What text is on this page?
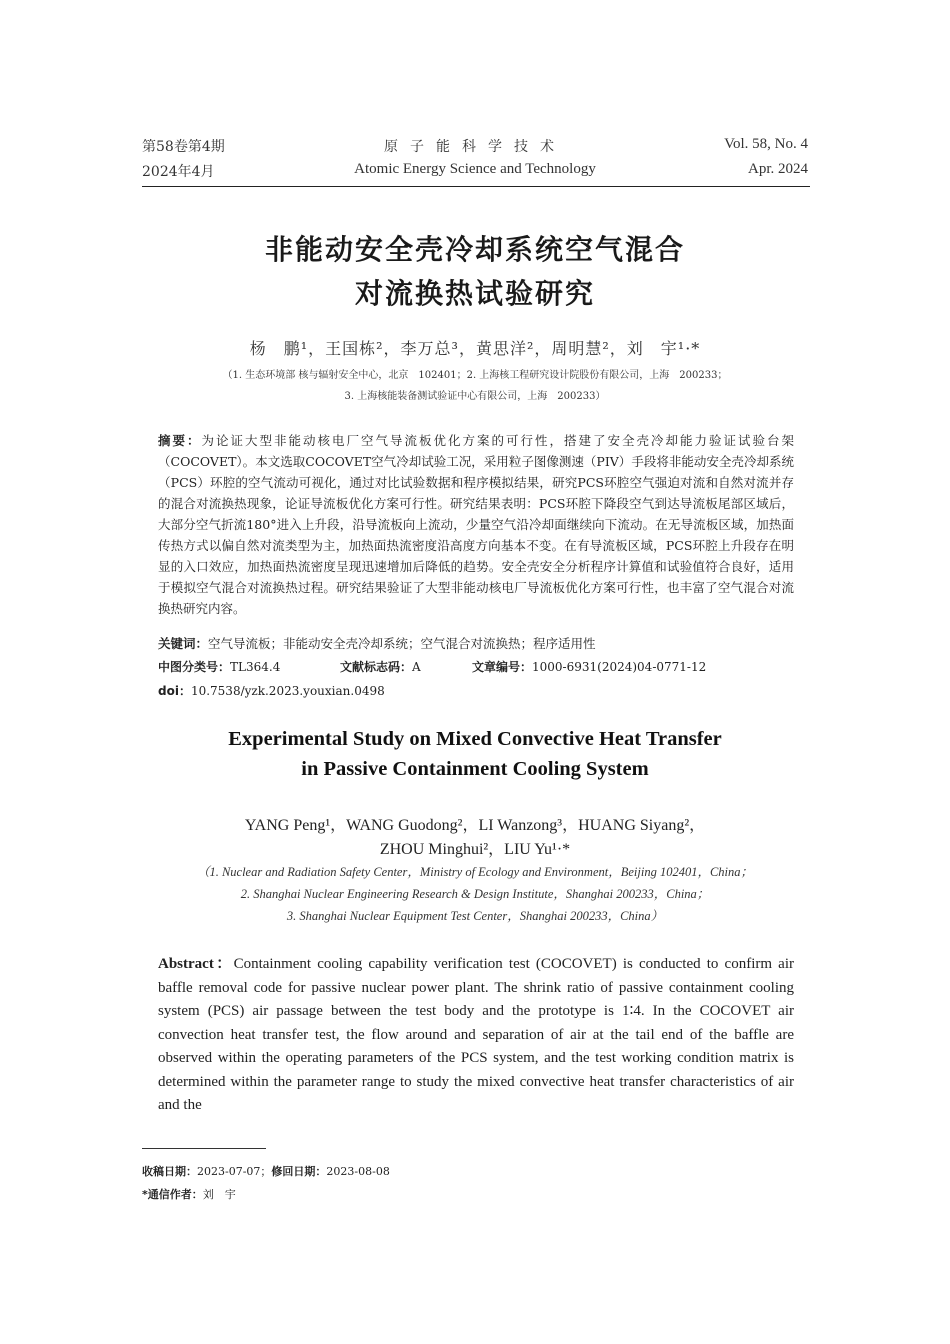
第58卷第4期
2024年4月
原子能科学技术
Atomic Energy Science and Technology
Vol. 58, No. 4
Apr. 2024
非能动安全壳冷却系统空气混合
对流换热试验研究
杨　鹏¹，王国栋²，李万总³，黄思洋²，周明慧²，刘　宇¹·*
（1. 生态环境部 核与辐射安全中心，北京　102401；2. 上海核工程研究设计院股份有限公司，上海　200233；
3. 上海核能装备测试验证中心有限公司，上海　200233）
摘要：为论证大型非能动核电厂空气导流板优化方案的可行性，搭建了安全壳冷却能力验证试验台架（COCOVET）。本文选取COCOVET空气冷却试验工况，采用粒子图像测速（PIV）手段将非能动安全壳冷却系统（PCS）环腔的空气流动可视化，通过对比试验数据和程序模拟结果，研究PCS环腔空气强迫对流和自然对流并存的混合对流换热现象，论证导流板优化方案可行性。研究结果表明：PCS环腔下降段空气到达导流板尾部区域后，大部分空气折流180°进入上升段，沿导流板向上流动，少量空气沿冷却面继续向下流动。在无导流板区域，加热面传热方式以偏自然对流类型为主，加热面热流密度沿高度方向基本不变。在有导流板区域，PCS环腔上升段存在明显的入口效应，加热面热流密度呈现迅速增加后降低的趋势。安全壳安全分析程序计算值和试验值符合良好，适用于模拟空气混合对流换热过程。研究结果验证了大型非能动核电厂导流板优化方案可行性，也丰富了空气混合对流换热研究内容。
关键词：空气导流板；非能动安全壳冷却系统；空气混合对流换热；程序适用性
中图分类号：TL364.4	文献标志码：A	文章编号：1000-6931(2024)04-0771-12
doi：10.7538/yzk.2023.youxian.0498
Experimental Study on Mixed Convective Heat Transfer
in Passive Containment Cooling System
YANG Peng¹，WANG Guodong²，LI Wanzong³，HUANG Siyang²，
ZHOU Minghui²，LIU Yu¹·*
（1. Nuclear and Radiation Safety Center，Ministry of Ecology and Environment，Beijing 102401，China；
2. Shanghai Nuclear Engineering Research & Design Institute，Shanghai 200233，China；
3. Shanghai Nuclear Equipment Test Center，Shanghai 200233，China）
Abstract：Containment cooling capability verification test (COCOVET) is conducted to confirm air baffle removal code for passive nuclear power plant. The shrink ratio of passive containment cooling system (PCS) air passage between the test body and the prototype is 1∶4. In the COCOVET air convection heat transfer test, the flow around and separation of air at the tail end of the baffle are observed within the operating parameters of the PCS system, and the test working condition matrix is determined within the parameter range to study the mixed convective heat transfer characteristics of air and the
收稿日期：2023-07-07；修回日期：2023-08-08
*通信作者：刘　宇
